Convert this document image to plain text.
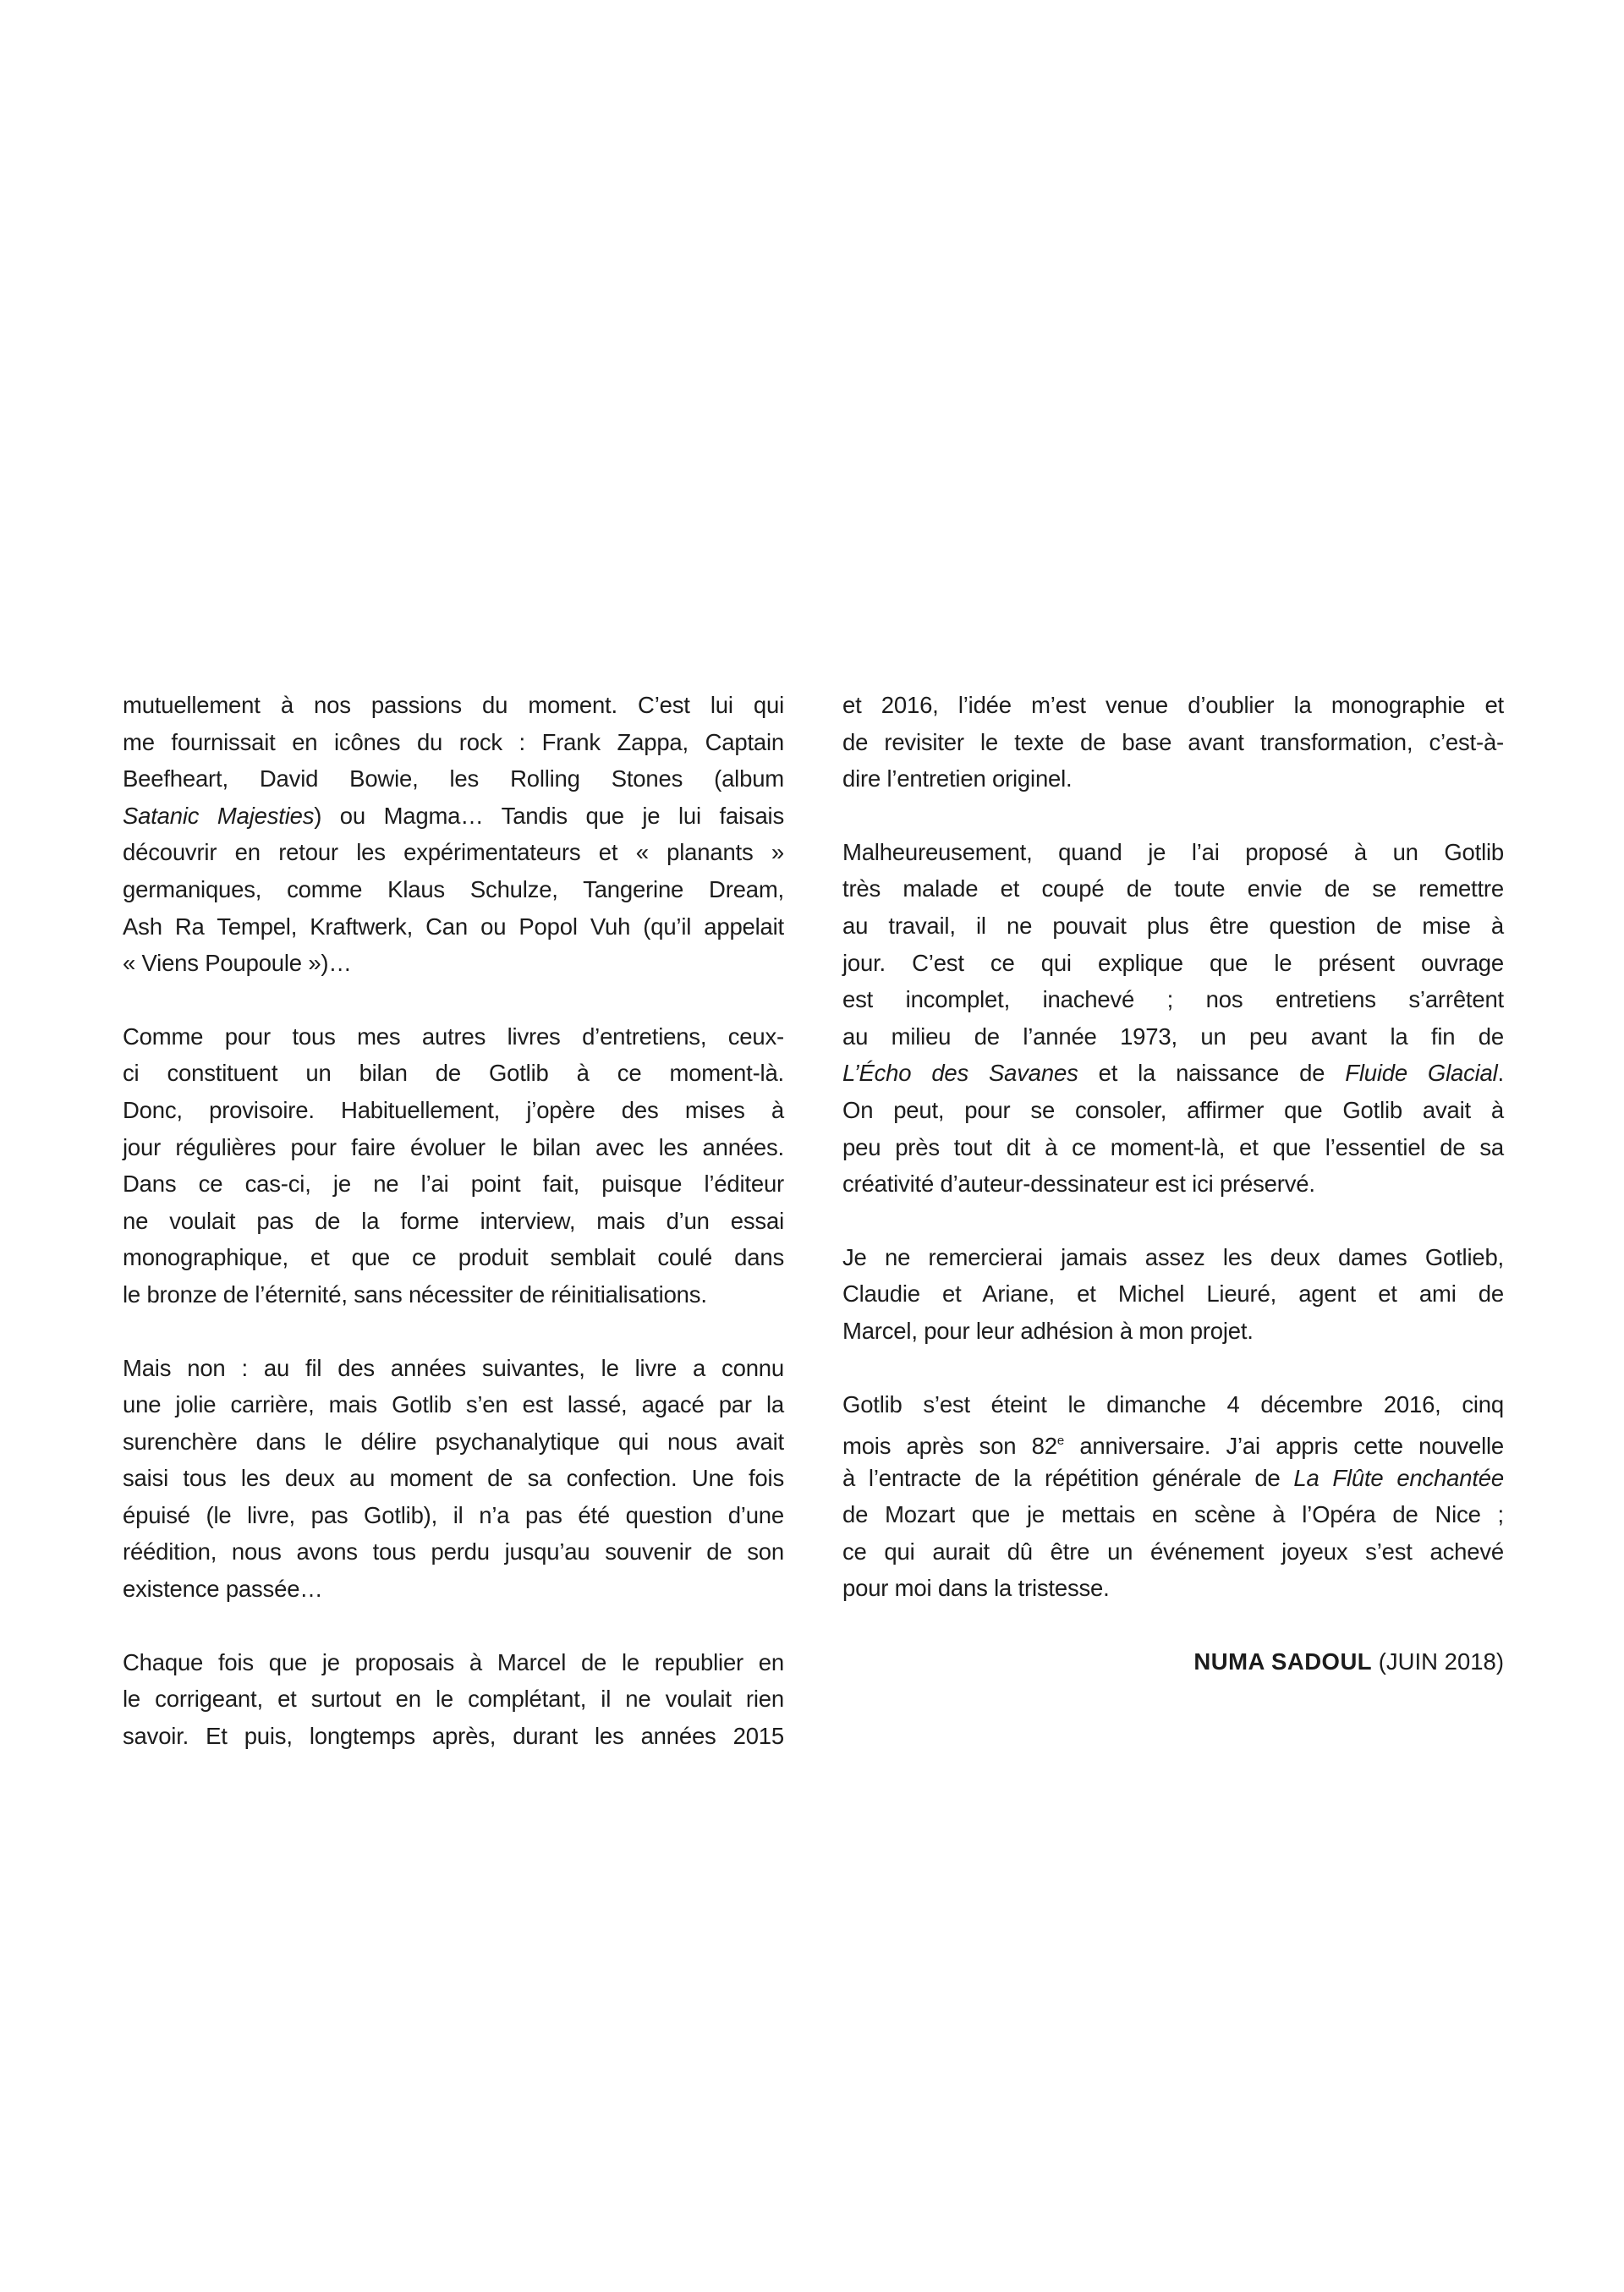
mutuellement à nos passions du moment. C’est lui qui
me fournissait en icônes du rock : Frank Zappa, Captain
Beefheart, David Bowie, les Rolling Stones (album
Satanic Majesties) ou Magma… Tandis que je lui faisais
découvrir en retour les expérimentateurs et « planants »
germaniques, comme Klaus Schulze, Tangerine Dream,
Ash Ra Tempel, Kraftwerk, Can ou Popol Vuh (qu’il appelait
« Viens Poupoule »)…
Comme pour tous mes autres livres d’entretiens, ceux-
ci constituent un bilan de Gotlib à ce moment-là.
Donc, provisoire. Habituellement, j’opère des mises à
jour régulières pour faire évoluer le bilan avec les années.
Dans ce cas-ci, je ne l’ai point fait, puisque l’éditeur
ne voulait pas de la forme interview, mais d’un essai
monographique, et que ce produit semblait coulé dans
le bronze de l’éternité, sans nécessiter de réinitialisations.
Mais non : au fil des années suivantes, le livre a connu
une jolie carrière, mais Gotlib s’en est lassé, agacé par la
surenchère dans le délire psychanalytique qui nous avait
saisi tous les deux au moment de sa confection. Une fois
épuisé (le livre, pas Gotlib), il n’a pas été question d’une
réédition, nous avons tous perdu jusqu’au souvenir de son
existence passée…
Chaque fois que je proposais à Marcel de le republier en
le corrigeant, et surtout en le complétant, il ne voulait rien
savoir. Et puis, longtemps après, durant les années 2015
et 2016, l’idée m’est venue d’oublier la monographie et
de revisiter le texte de base avant transformation, c’est-à-
dire l’entretien originel.
Malheureusement, quand je l’ai proposé à un Gotlib
très malade et coupé de toute envie de se remettre
au travail, il ne pouvait plus être question de mise à
jour. C’est ce qui explique que le présent ouvrage
est incomplet, inachevé ; nos entretiens s’arrêtent
au milieu de l’année 1973, un peu avant la fin de
L’Écho des Savanes et la naissance de Fluide Glacial.
On peut, pour se consoler, affirmer que Gotlib avait à
peu près tout dit à ce moment-là, et que l’essentiel de sa
créativité d’auteur-dessinateur est ici préservé.
Je ne remercierai jamais assez les deux dames Gotlieb,
Claudie et Ariane, et Michel Lieuré, agent et ami de
Marcel, pour leur adhésion à mon projet.
Gotlib s’est éteint le dimanche 4 décembre 2016, cinq
mois après son 82e anniversaire. J’ai appris cette nouvelle
à l’entracte de la répétition générale de La Flûte enchantée
de Mozart que je mettais en scène à l’Opéra de Nice ;
ce qui aurait dû être un événement joyeux s’est achevé
pour moi dans la tristesse.
NUMA SADOUL (JUIN 2018)
